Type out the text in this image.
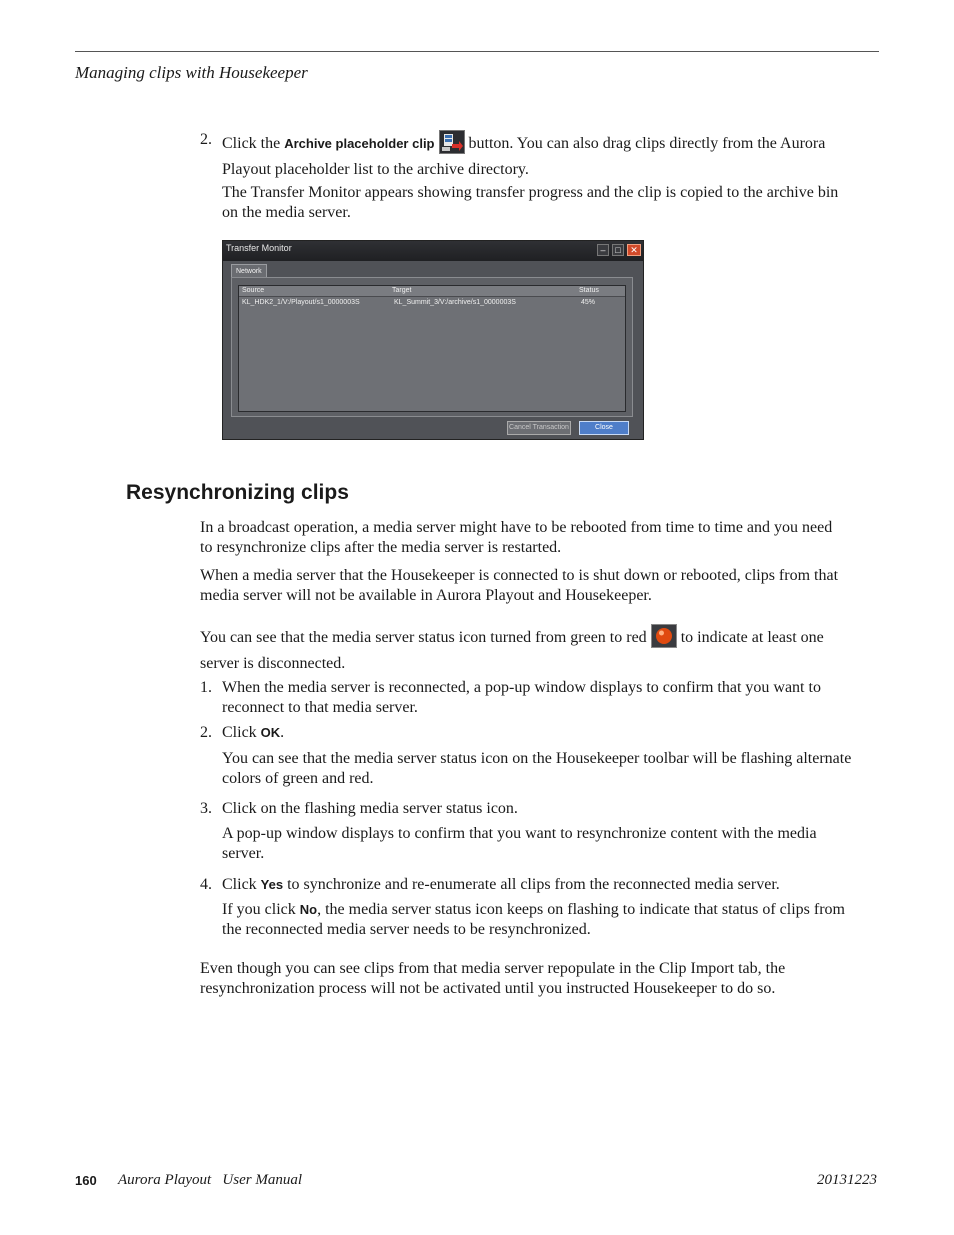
Managing clips with Housekeeper
2. Click the Archive placeholder clip  button. You can also drag clips directly from the Aurora
Playout placeholder list to the archive directory.
The Transfer Monitor appears showing transfer progress and the clip is copied to the archive bin
on the media server.
Transfer Monitor	–	□	✕
Network
Source	Target	Status
KL_HDK2_1/V:/Playout/s1_0000003S	KL_Summit_3/V:/archive/s1_0000003S	45%
Cancel Transaction	Close
Resynchronizing clips
In a broadcast operation, a media server might have to be rebooted from time to time and you need
to resynchronize clips after the media server is restarted.
When a media server that the Housekeeper is connected to is shut down or rebooted, clips from that
media server will not be available in Aurora Playout and Housekeeper.
You can see that the media server status icon turned from green to red  to indicate at least one
server is disconnected.
1. When the media server is reconnected, a pop-up window displays to confirm that you want to
reconnect to that media server.
2. Click OK.
You can see that the media server status icon on the Housekeeper toolbar will be flashing alternate
colors of green and red.
3. Click on the flashing media server status icon.
A pop-up window displays to confirm that you want to resynchronize content with the media
server.
4. Click Yes to synchronize and re-enumerate all clips from the reconnected media server.
If you click No, the media server status icon keeps on flashing to indicate that status of clips from
the reconnected media server needs to be resynchronized.
Even though you can see clips from that media server repopulate in the Clip Import tab, the
resynchronization process will not be activated until you instructed Housekeeper to do so.
160 Aurora Playout   User Manual	20131223
